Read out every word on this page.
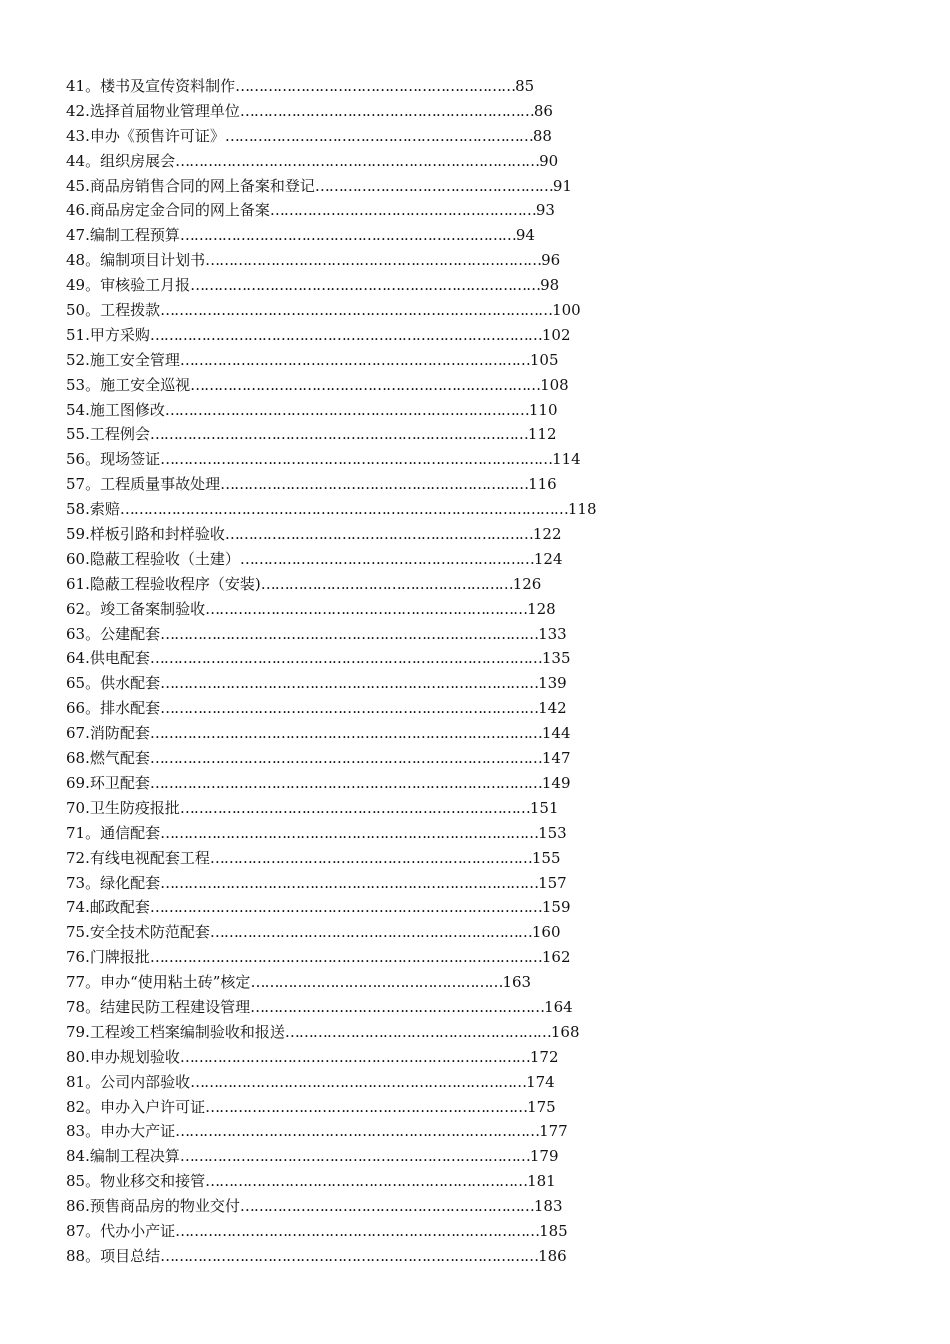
41。楼书及宣传资料制作……………………………………………………85
42.选择首届物业管理单位………………………………………………………86
43.申办《预售许可证》…………………………………………………………88
44。组织房展会……………………………………………………………………90
45.商品房销售合同的网上备案和登记……………………………………………91
46.商品房定金合同的网上备案…………………………………………………93
47.编制工程预算………………………………………………………………94
48。编制项目计划书………………………………………………………………96
49。审核验工月报…………………………………………………………………98
50。工程拨款…………………………………………………………………………100
51.甲方采购…………………………………………………………………………102
52.施工安全管理…………………………………………………………………105
53。施工安全巡视…………………………………………………………………108
54.施工图修改……………………………………………………………………110
55.工程例会………………………………………………………………………112
56。现场签证…………………………………………………………………………114
57。工程质量事故处理…………………………………………………………116
58.索赔……………………………………………………………………………………118
59.样板引路和封样验收…………………………………………………………122
60.隐蔽工程验收（土建）………………………………………………………124
61.隐蔽工程验收程序（安装)………………………………………………126
62。竣工备案制验收……………………………………………………………128
63。公建配套………………………………………………………………………133
64.供电配套…………………………………………………………………………135
65。供水配套………………………………………………………………………139
66。排水配套………………………………………………………………………142
67.消防配套…………………………………………………………………………144
68.燃气配套…………………………………………………………………………147
69.环卫配套…………………………………………………………………………149
70.卫生防疫报批…………………………………………………………………151
71。通信配套………………………………………………………………………153
72.有线电视配套工程……………………………………………………………155
73。绿化配套………………………………………………………………………157
74.邮政配套…………………………………………………………………………159
75.安全技术防范配套……………………………………………………………160
76.门牌报批…………………………………………………………………………162
77。申办“使用粘土砖”核定………………………………………………163
78。结建民防工程建设管理………………………………………………………164
79.工程竣工档案编制验收和报送…………………………………………………168
80.申办规划验收…………………………………………………………………172
81。公司内部验收………………………………………………………………174
82。申办入户许可证……………………………………………………………175
83。申办大产证……………………………………………………………………177
84.编制工程决算…………………………………………………………………179
85。物业移交和接管……………………………………………………………181
86.预售商品房的物业交付………………………………………………………183
87。代办小产证……………………………………………………………………185
88。项目总结………………………………………………………………………186
